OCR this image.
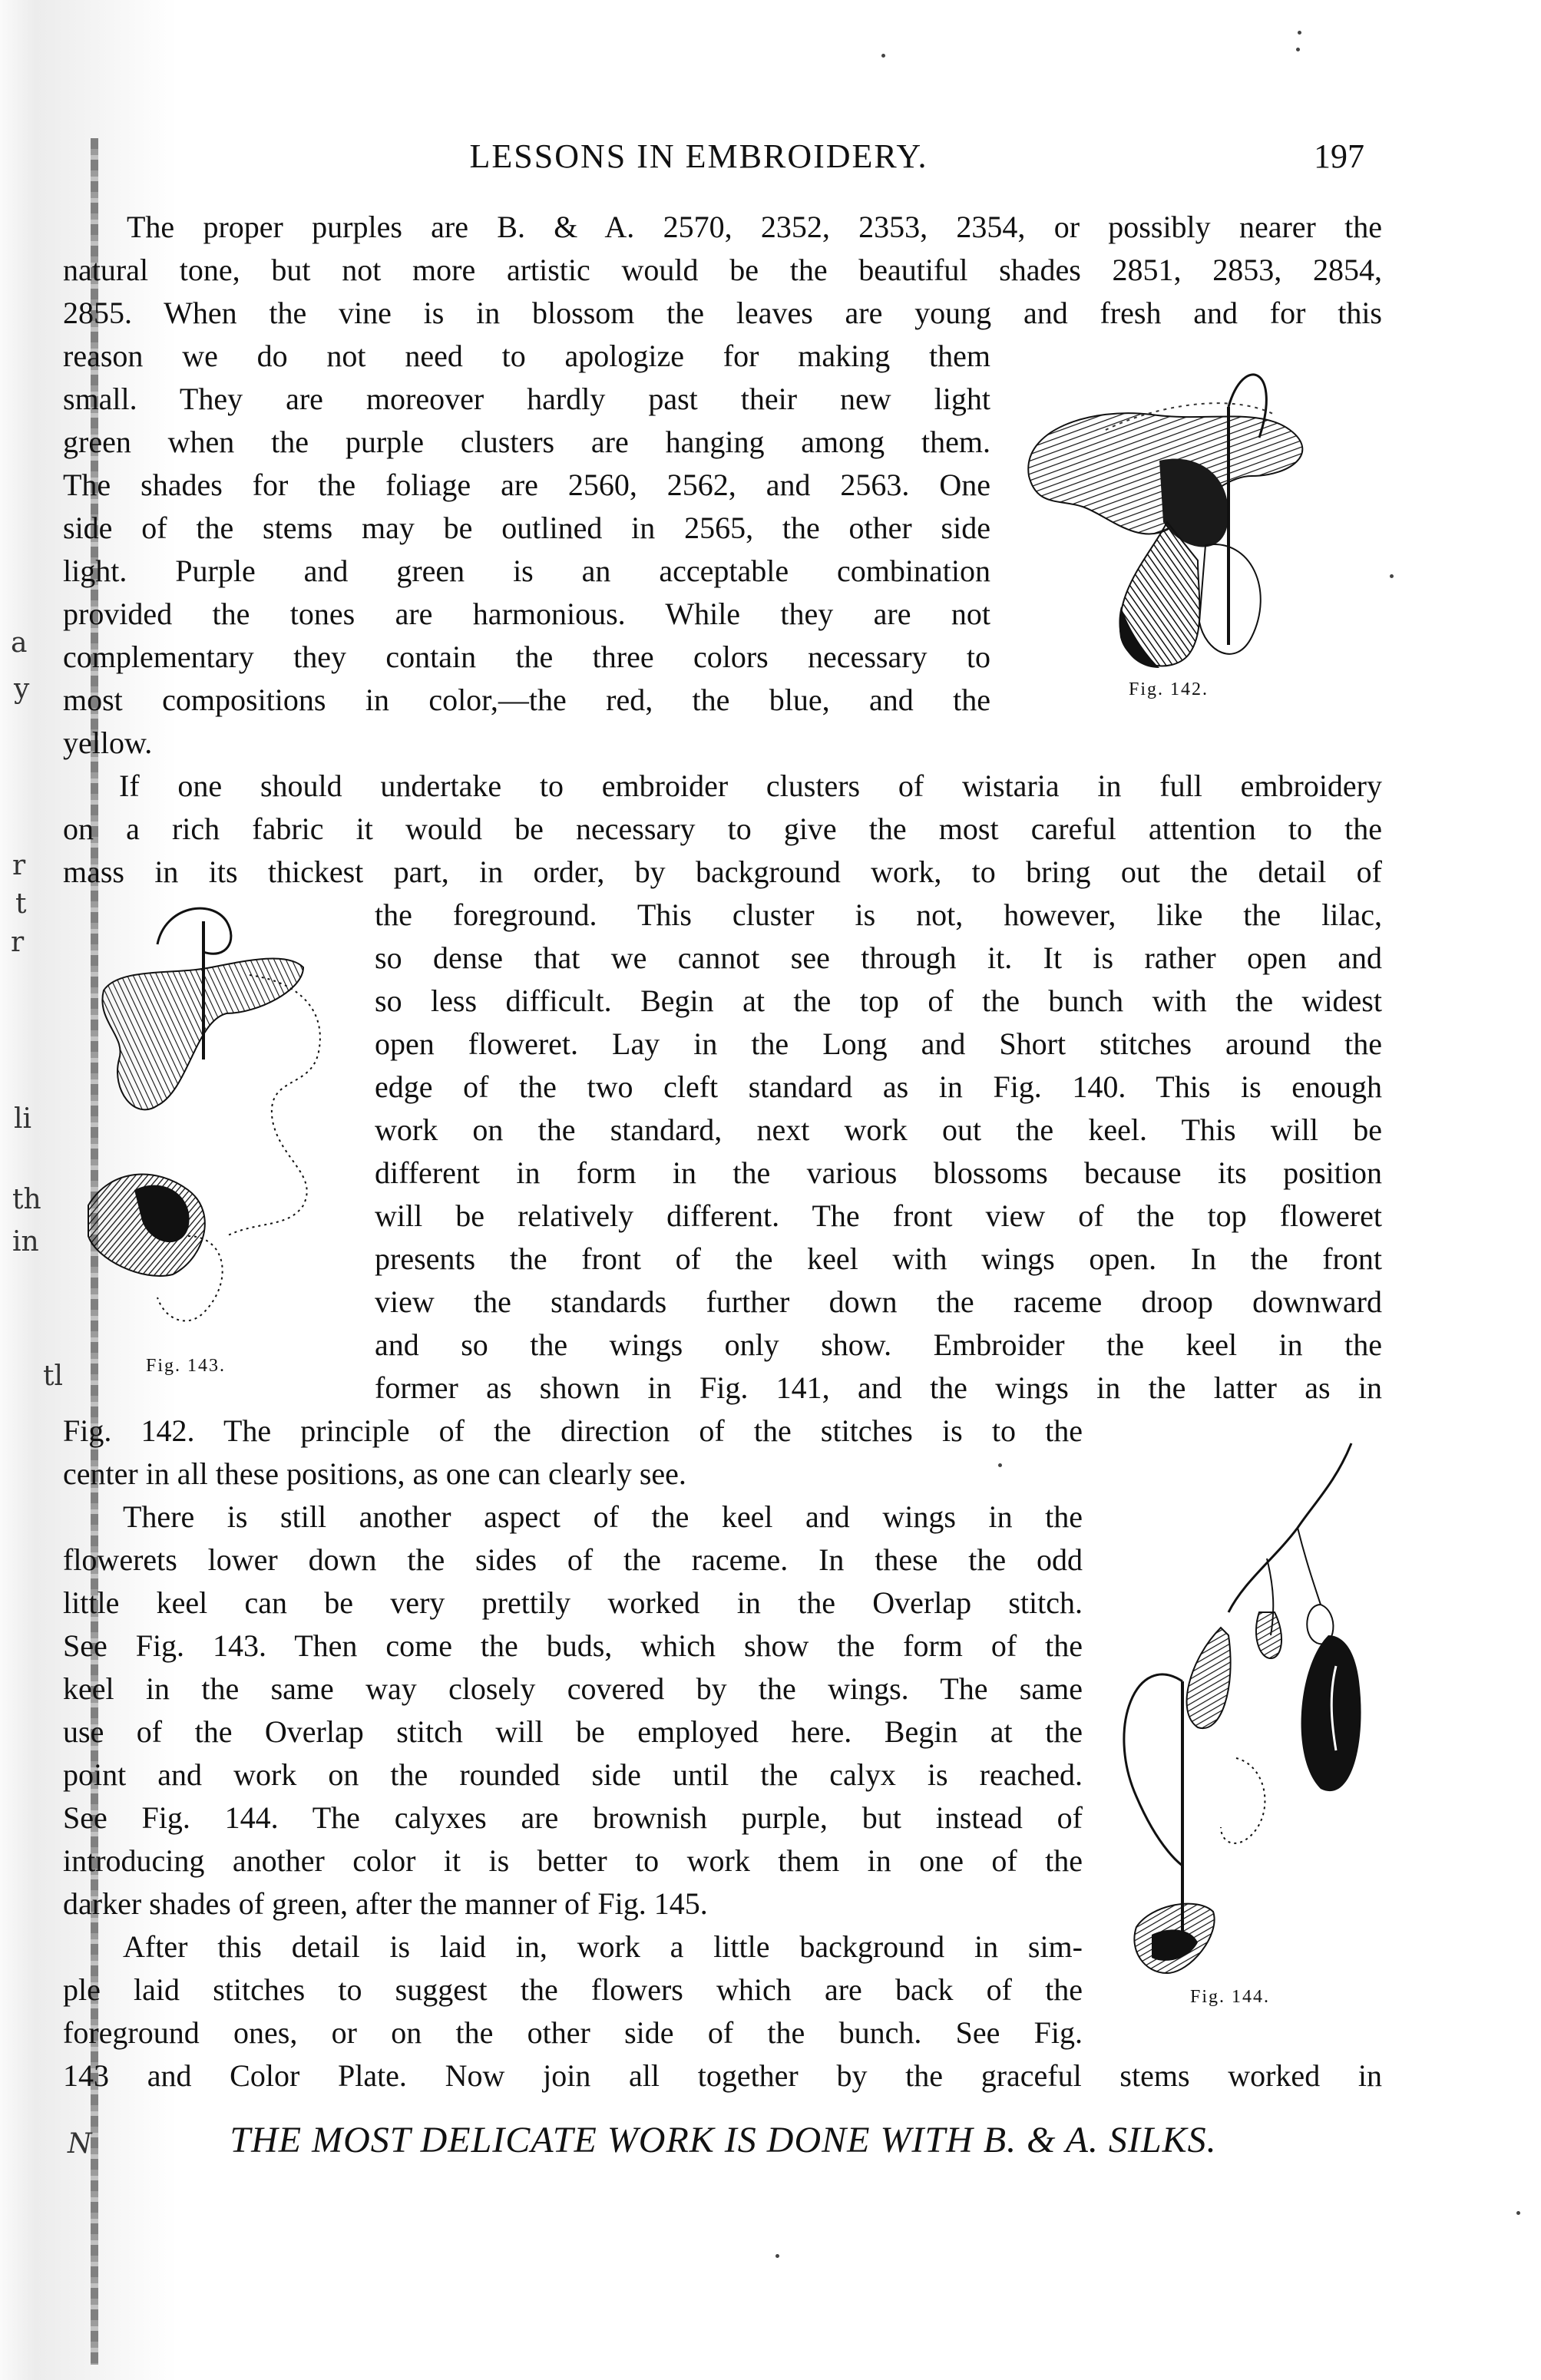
a
y
r
t
r
li
th
in
tl
N
LESSONS IN EMBROIDERY.	197
The proper purples are B. & A. 2570, 2352, 2353, 2354, or possibly nearer the
natural tone, but not more artistic would be the beautiful shades 2851, 2853, 2854,
2855. When the vine is in blossom the leaves are young and fresh and for this
reason we do not need to apologize for making them
small. They are moreover hardly past their new light
green when the purple clusters are hanging among them.
The shades for the foliage are 2560, 2562, and 2563. One
side of the stems may be outlined in 2565, the other side
light. Purple and green is an acceptable combination
provided the tones are harmonious. While they are not
complementary they contain the three colors necessary to
most compositions in color,—the red, the blue, and the
yellow.
If one should undertake to embroider clusters of wistaria in full embroidery
on a rich fabric it would be necessary to give the most careful attention to the
mass in its thickest part, in order, by background work, to bring out the detail of
the foreground. This cluster is not, however, like the lilac,
so dense that we cannot see through it. It is rather open and
so less difficult. Begin at the top of the bunch with the widest
open floweret. Lay in the Long and Short stitches around the
edge of the two cleft standard as in Fig. 140. This is enough
work on the standard, next work out the keel. This will be
different in form in the various blossoms because its position
will be relatively different. The front view of the top floweret
presents the front of the keel with wings open. In the front
view the standards further down the raceme droop downward
and so the wings only show. Embroider the keel in the
former as shown in Fig. 141, and the wings in the latter as in
Fig. 142. The principle of the direction of the stitches is to the
center in all these positions, as one can clearly see.
There is still another aspect of the keel and wings in the
flowerets lower down the sides of the raceme. In these the odd
little keel can be very prettily worked in the Overlap stitch.
See Fig. 143. Then come the buds, which show the form of the
keel in the same way closely covered by the wings. The same
use of the Overlap stitch will be employed here. Begin at the
point and work on the rounded side until the calyx is reached.
See Fig. 144. The calyxes are brownish purple, but instead of
introducing another color it is better to work them in one of the
darker shades of green, after the manner of Fig. 145.
After this detail is laid in, work a little background in sim-
ple laid stitches to suggest the flowers which are back of the
foreground ones, or on the other side of the bunch. See Fig.
143 and Color Plate. Now join all together by the graceful stems worked in
Fig. 142.
Fig. 143.
Fig. 144.
THE MOST DELICATE WORK IS DONE WITH B. & A. SILKS.
